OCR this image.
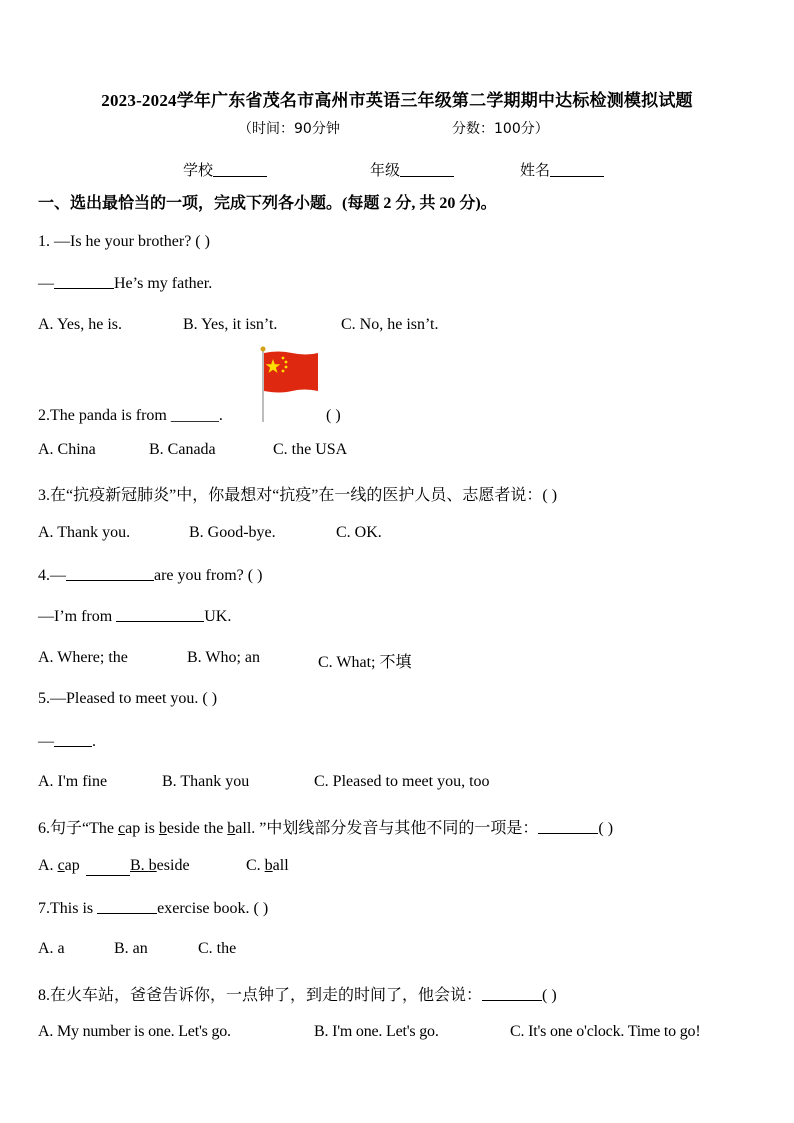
2023-2024学年广东省茂名市高州市英语三年级第二学期期中达标检测模拟试题
（时间：90分钟	分数：100分）
学校	年级	姓名
一、选出最恰当的一项，完成下列各小题。(每题 2 分, 共 20 分)。
1. —Is he your brother? ( )
—	He’s my father.
A. Yes, he is.	B. Yes, it isn’t.	C. No, he isn’t.
2.The panda is from ______.	( )
A. China	B. Canada	C. the USA
3.在“抗疫新冠肺炎”中，你最想对“抗疫”在一线的医护人员、志愿者说：( )
A. Thank you.	B. Good-bye.	C. OK.
4.—	are you from? ( )
—I’m from	UK.
A. Where; the	B. Who; an	C. What; 不填
5.—Pleased to meet you. ( )
— .
A. I'm fine	B. Thank you	C. Pleased to meet you, too
6.句子“The cap is beside the ball. ”中划线部分发音与其他不同的一项是：	( )
A. cap	B. beside	C. ball
7.This is	exercise book. ( )
A. a	B. an	C. the
8.在火车站，爸爸告诉你，一点钟了，到走的时间了，他会说：	( )
A. My number is one. Let's go.	B. I'm one. Let's go.	C. It's one o'clock. Time to go!
